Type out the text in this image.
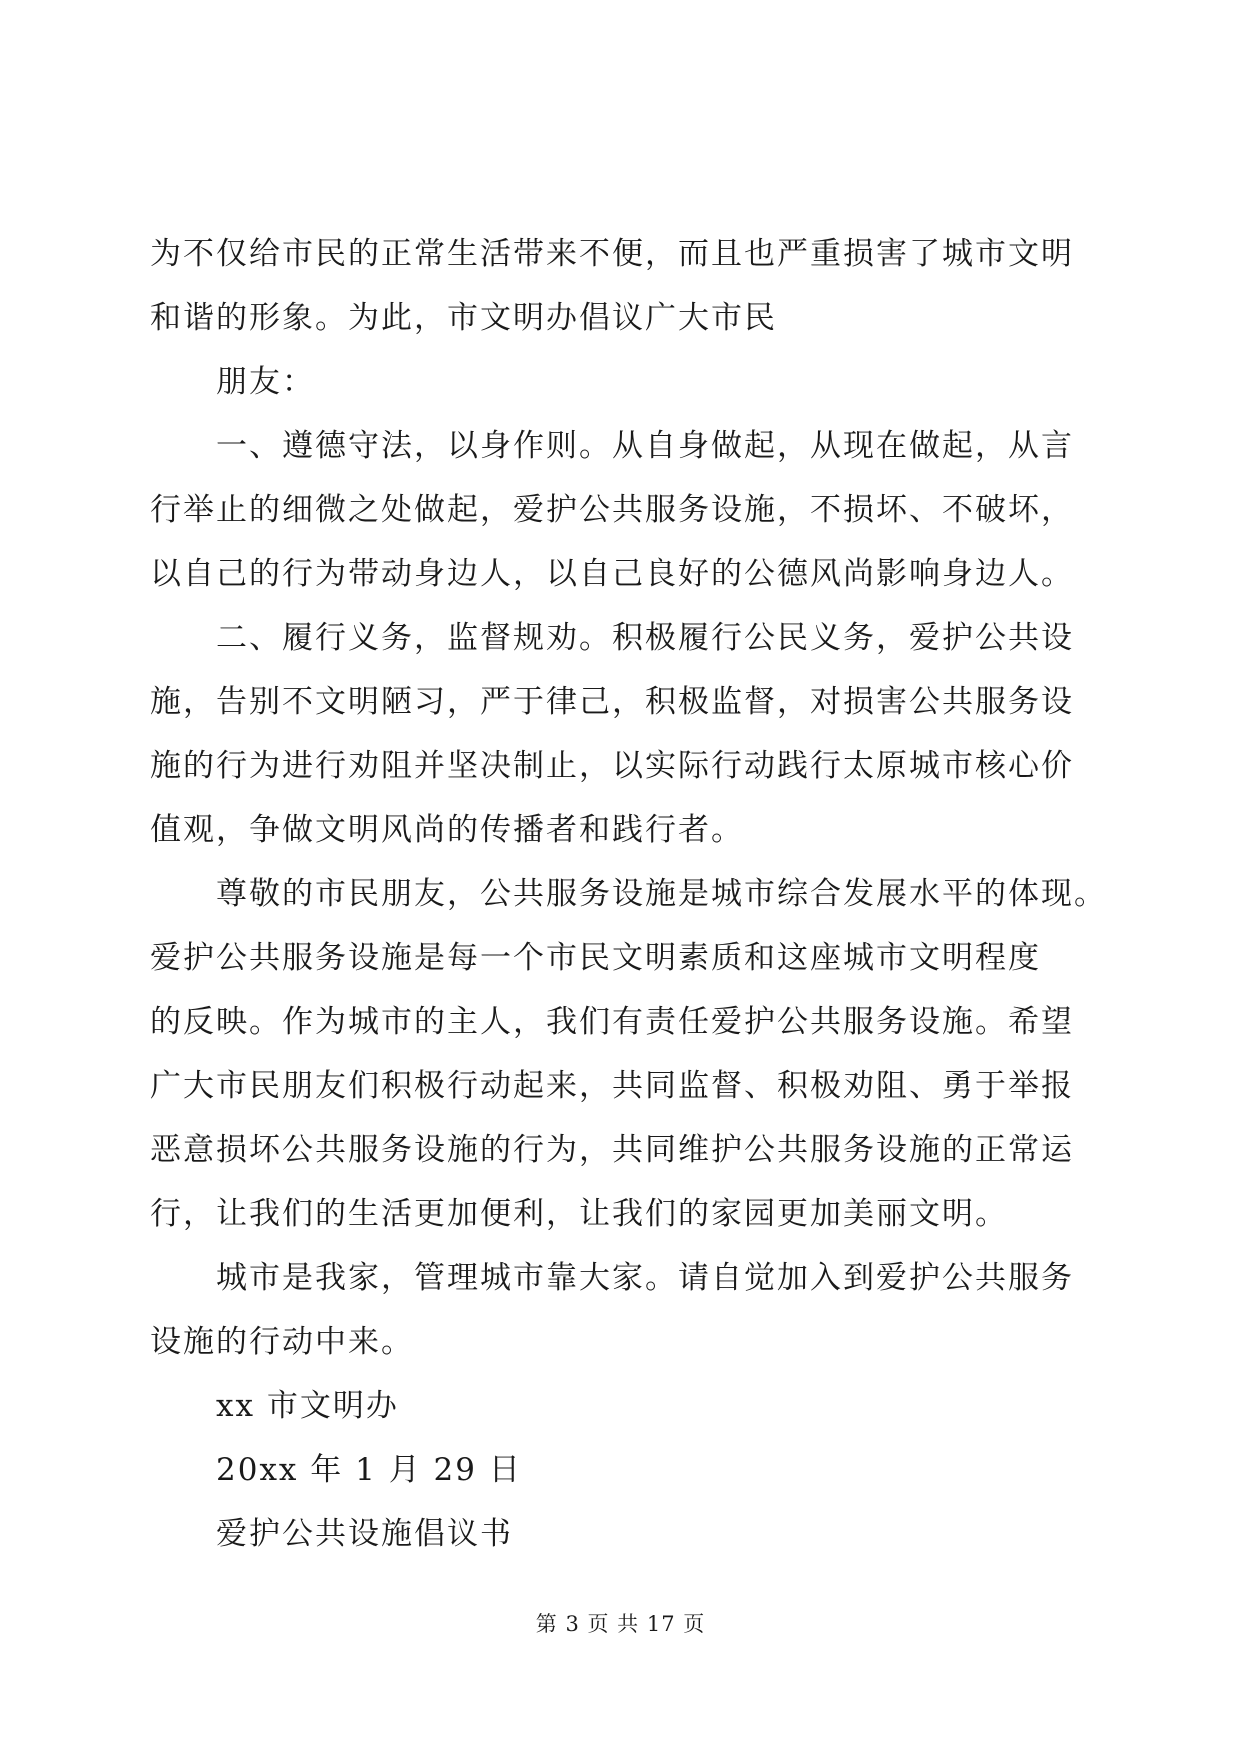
为不仅给市民的正常生活带来不便，而且也严重损害了城市文明
和谐的形象。为此，市文明办倡议广大市民
朋友：
一、遵德守法，以身作则。从自身做起，从现在做起，从言
行举止的细微之处做起，爱护公共服务设施，不损坏、不破坏，
以自己的行为带动身边人，以自己良好的公德风尚影响身边人。
二、履行义务，监督规劝。积极履行公民义务，爱护公共设
施，告别不文明陋习，严于律己，积极监督，对损害公共服务设
施的行为进行劝阻并坚决制止，以实际行动践行太原城市核心价
值观，争做文明风尚的传播者和践行者。
尊敬的市民朋友，公共服务设施是城市综合发展水平的体现。
爱护公共服务设施是每一个市民文明素质和这座城市文明程度
的反映。作为城市的主人，我们有责任爱护公共服务设施。希望
广大市民朋友们积极行动起来，共同监督、积极劝阻、勇于举报
恶意损坏公共服务设施的行为，共同维护公共服务设施的正常运
行，让我们的生活更加便利，让我们的家园更加美丽文明。
城市是我家，管理城市靠大家。请自觉加入到爱护公共服务
设施的行动中来。
xx 市文明办
20xx 年 1 月 29 日
爱护公共设施倡议书
第 3 页 共 17 页
